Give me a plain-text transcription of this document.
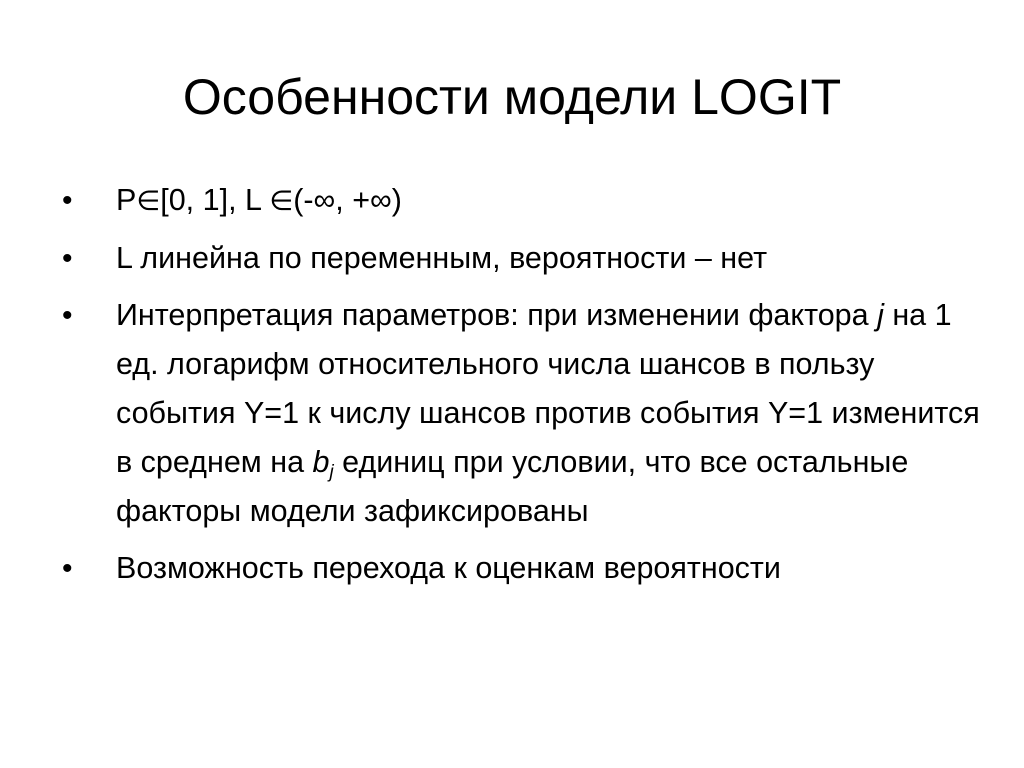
Особенности модели LOGIT
•	P∈[0, 1], L ∈(-∞, +∞)
•	L линейна по переменным, вероятности – нет
•	Интерпретация параметров: при изменении фактора j на 1 ед. логарифм относительного числа шансов в пользу события Y=1 к числу шансов против события Y=1 изменится в среднем на $b_j$ единиц при условии, что все остальные факторы модели зафиксированы
•	Возможность перехода к оценкам вероятности
